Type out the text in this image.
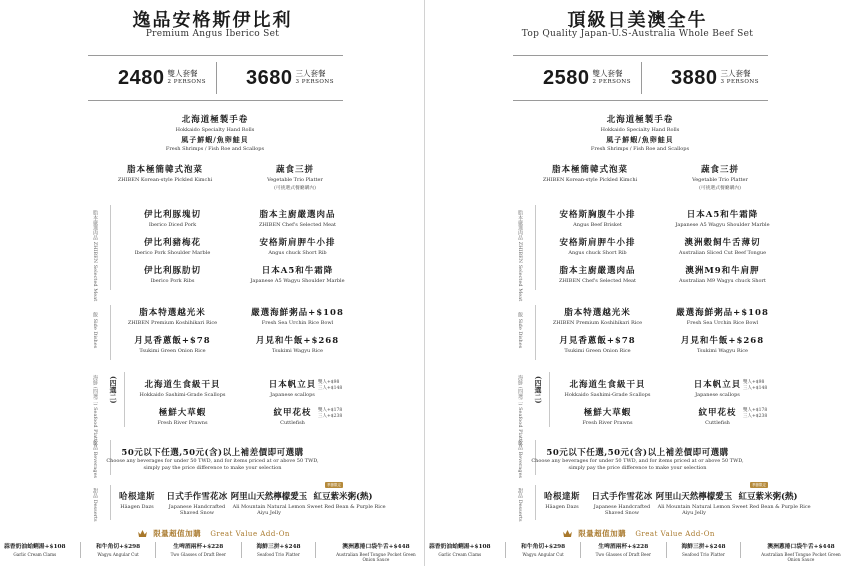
逸品安格斯伊比利
Premium Angus Iberico Set
2480 雙人套餐
2 PERSONS 3680 三人套餐
3 PERSONS
北海道極製手卷
Hokkaido Specialty Hand Rolls
風子鮮蝦/魚卵鮭貝
Fresh Shrimps / Fish Roe and Scallops
脂本極簡韓式泡菜
ZHIBEN Korean-style Pickled Kimchi
蔬食三拼
Vegetable Trio Platter
(可挑選式餐廳購內)
脂本嚴選肉品 ZHIBEN Selected Meat	伊比利豚塊切
Iberico Diced Pork
脂本主廚嚴選肉品
ZHIBEN Chef's Selected Meat
伊比利豬梅花
Iberico Pork Shoulder Marble
安格斯肩胛牛小排
Angus chuck Short Rib
伊比利豚肋切
Iberico Pork Ribs
日本A5和牛霜降
Japanese A5 Wagyu Shoulder Marble
飯 Side Dishes	脂本特選越光米
ZHIBEN Premium Koshihikari Rice
嚴選海鮮粥品+$108
Fresh Sea Urchin Rice Bowl
月見香蔥飯+$78
Tsukimi Green Onion Rice
月見和牛飯+$268
Tsukimi Wagyu Rice
海鮮 (四選二) Seafood Platter (四選二)	北海道生食級干貝
Hokkaido Sashimi-Grade Scallops
日本帆立貝
Japanese scallops
雙人+$98
三人+$148
極鮮大草蝦
Fresh River Prawns
紋甲花枝
Cuttlefish
雙人+$178
三人+$238
飲品 Beverages	50元以下任選,50元(含)以上補差價即可選購
Choose any beverages for under 50 TWD, and for items priced at or above 50 TWD,
simply pay the price difference to make your selection
甜品 Desserts	哈根達斯
Häagen Dazs
日式手作雪花冰
Japanese Handcrafted Shaved Snow
阿里山天然檸檬愛玉
Ali Mountain Natural Lemon Aiyu Jelly
季節限定
紅豆紫米粥(熱)
Sweet Red Bean & Purple Rice
限量超值加購 Great Value Add-On
蒜香奶油蛤蜊湯+$108
Garlic Cream Clams
和牛角切+$298
Wagyu Angular Cut
生啤酒兩杯+$228
Two Glasses of Draft Beer
海鮮三拼+$248
Seafood Trio Platter
澳洲蔥捲口袋牛舌+$448
Australian Beef Tongue Pocket Green Onion Sauce
頂級日美澳全牛
Top Quality Japan-U.S-Australia Whole Beef Set
2580 雙人套餐
2 PERSONS 3880 三人套餐
3 PERSONS
北海道極製手卷
Hokkaido Specialty Hand Rolls
風子鮮蝦/魚卵鮭貝
Fresh Shrimps / Fish Roe and Scallops
脂本極簡韓式泡菜
ZHIBEN Korean-style Pickled Kimchi
蔬食三拼
Vegetable Trio Platter
(可挑選式餐廳購內)
脂本嚴選肉品 ZHIBEN Selected Meat	安格斯胸腹牛小排
Angus Beef Brisket
日本A5和牛霜降
Japanese A5 Wagyu Shoulder Marble
安格斯肩胛牛小排
Angus chuck Short Rib
澳洲穀飼牛舌薄切
Australian Sliced Cut Beef Tongue
脂本主廚嚴選肉品
ZHIBEN Chef's Selected Meat
澳洲M9和牛肩胛
Australian M9 Wagyu chuck Short
飯 Side Dishes	脂本特選越光米
ZHIBEN Premium Koshihikari Rice
嚴選海鮮粥品+$108
Fresh Sea Urchin Rice Bowl
月見香蔥飯+$78
Tsukimi Green Onion Rice
月見和牛飯+$268
Tsukimi Wagyu Rice
海鮮 (四選二) Seafood Platter (四選二)	北海道生食級干貝
Hokkaido Sashimi-Grade Scallops
日本帆立貝
Japanese scallops
雙人+$98
三人+$148
極鮮大草蝦
Fresh River Prawns
紋甲花枝
Cuttlefish
雙人+$178
三人+$238
飲品 Beverages	50元以下任選,50元(含)以上補差價即可選購
Choose any beverages for under 50 TWD, and for items priced at or above 50 TWD,
simply pay the price difference to make your selection
甜品 Desserts	哈根達斯
Häagen Dazs
日式手作雪花冰
Japanese Handcrafted Shaved Snow
阿里山天然檸檬愛玉
Ali Mountain Natural Lemon Aiyu Jelly
季節限定
紅豆紫米粥(熱)
Sweet Red Bean & Purple Rice
限量超值加購 Great Value Add-On
蒜香奶油蛤蜊湯+$108
Garlic Cream Clams
和牛角切+$298
Wagyu Angular Cut
生啤酒兩杯+$228
Two Glasses of Draft Beer
海鮮三拼+$248
Seafood Trio Platter
澳洲蔥捲口袋牛舌+$448
Australian Beef Tongue Pocket Green Onion Sauce
